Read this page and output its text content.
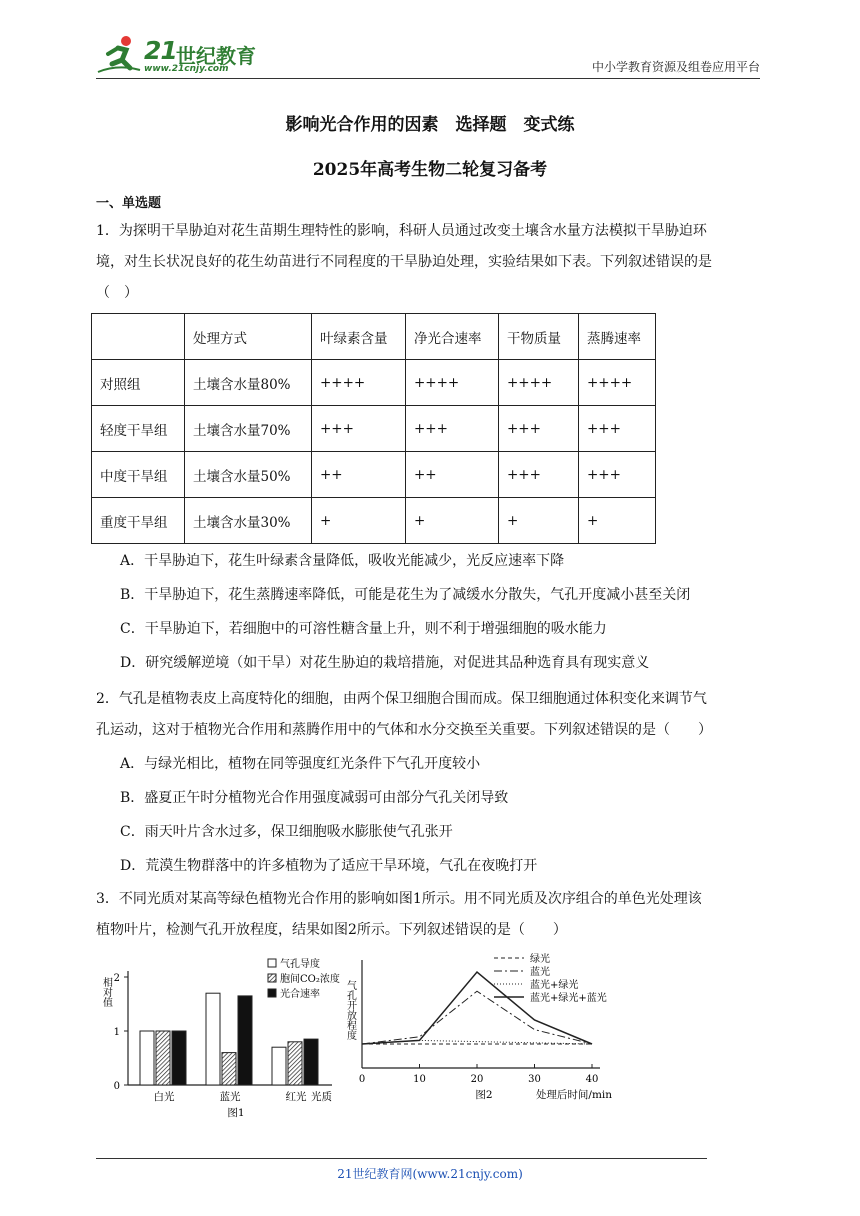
21 世纪教育
www.21cnjy.com	中小学教育资源及组卷应用平台
影响光合作用的因素　选择题　变式练
2025年高考生物二轮复习备考
一、单选题
1．为探明干旱胁迫对花生苗期生理特性的影响，科研人员通过改变土壤含水量方法模拟干旱胁迫环
境，对生长状况良好的花生幼苗进行不同程度的干旱胁迫处理，实验结果如下表。下列叙述错误的是
（　）
	处理方式	叶绿素含量	净光合速率	干物质量	蒸腾速率
对照组	土壤含水量80%	++++	++++	++++	++++
轻度干旱组	土壤含水量70%	+++	+++	+++	+++
中度干旱组	土壤含水量50%	++	++	+++	+++
重度干旱组	土壤含水量30%	+	+	+	+
A．干旱胁迫下，花生叶绿素含量降低，吸收光能减少，光反应速率下降
B．干旱胁迫下，花生蒸腾速率降低，可能是花生为了减缓水分散失，气孔开度减小甚至关闭
C．干旱胁迫下，若细胞中的可溶性糖含量上升，则不利于增强细胞的吸水能力
D．研究缓解逆境（如干旱）对花生胁迫的栽培措施，对促进其品种选育具有现实意义
2．气孔是植物表皮上高度特化的细胞，由两个保卫细胞合围而成。保卫细胞通过体积变化来调节气
孔运动，这对于植物光合作用和蒸腾作用中的气体和水分交换至关重要。下列叙述错误的是（　　）
A．与绿光相比，植物在同等强度红光条件下气孔开度较小
B．盛夏正午时分植物光合作用强度减弱可由部分气孔关闭导致
C．雨天叶片含水过多，保卫细胞吸水膨胀使气孔张开
D．荒漠生物群落中的许多植物为了适应干旱环境，气孔在夜晚打开
3．不同光质对某高等绿色植物光合作用的影响如图1所示。用不同光质及次序组合的单色光处理该
植物叶片，检测气孔开放程度，结果如图2所示。下列叙述错误的是（　　）
0
1
2
相对值
白光	蓝光	红光 光质
图1
气孔导度
胞间CO₂浓度
光合速率
0	10	20	30	40
气孔开放程度
图2	处理后时间/min
绿光
蓝光
蓝光+绿光
蓝光+绿光+蓝光
21世纪教育网(www.21cnjy.com)
